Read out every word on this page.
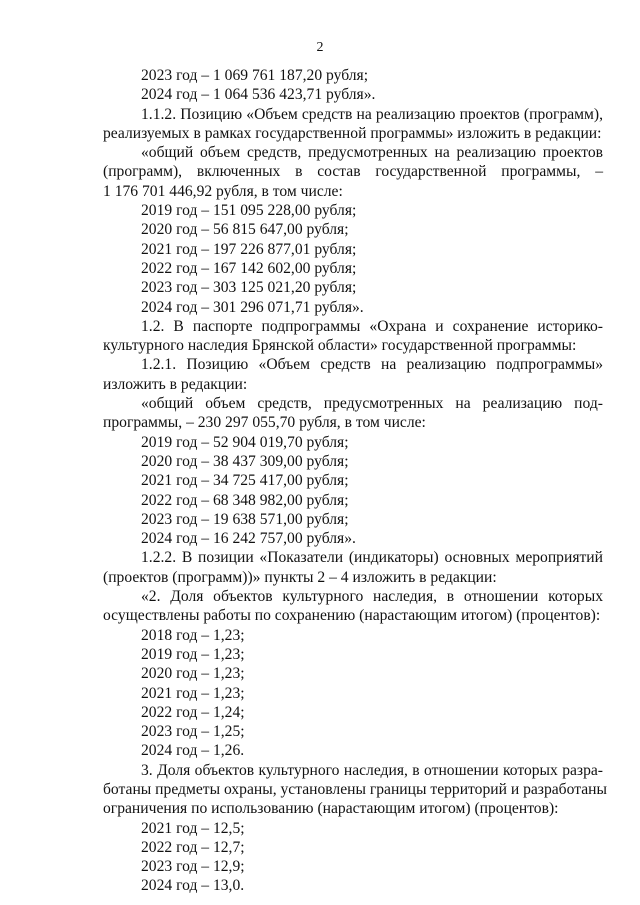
2
2023 год – 1 069 761 187,20 рубля;
2024 год – 1 064 536 423,71 рубля».
1.1.2. Позицию «Объем средств на реализацию проектов (программ),
реализуемых в рамках государственной программы» изложить в редакции:
«общий объем средств, предусмотренных на реализацию проектов
(программ), включенных в состав государственной программы, –
1 176 701 446,92 рубля, в том числе:
2019 год – 151 095 228,00 рубля;
2020 год – 56 815 647,00 рубля;
2021 год – 197 226 877,01 рубля;
2022 год – 167 142 602,00 рубля;
2023 год – 303 125 021,20 рубля;
2024 год – 301 296 071,71 рубля».
1.2. В паспорте подпрограммы «Охрана и сохранение историко-
культурного наследия Брянской области» государственной программы:
1.2.1. Позицию «Объем средств на реализацию подпрограммы»
изложить в редакции:
«общий объем средств, предусмотренных на реализацию под-
программы, – 230 297 055,70 рубля, в том числе:
2019 год – 52 904 019,70 рубля;
2020 год – 38 437 309,00 рубля;
2021 год – 34 725 417,00 рубля;
2022 год – 68 348 982,00 рубля;
2023 год – 19 638 571,00 рубля;
2024 год – 16 242 757,00 рубля».
1.2.2. В позиции «Показатели (индикаторы) основных мероприятий
(проектов (программ))» пункты 2 – 4 изложить в редакции:
«2. Доля объектов культурного наследия, в отношении которых
осуществлены работы по сохранению (нарастающим итогом) (процентов):
2018 год – 1,23;
2019 год – 1,23;
2020 год – 1,23;
2021 год – 1,23;
2022 год – 1,24;
2023 год – 1,25;
2024 год – 1,26.
3. Доля объектов культурного наследия, в отношении которых разра-
ботаны предметы охраны, установлены границы территорий и разработаны
ограничения по использованию (нарастающим итогом) (процентов):
2021 год – 12,5;
2022 год – 12,7;
2023 год – 12,9;
2024 год – 13,0.
